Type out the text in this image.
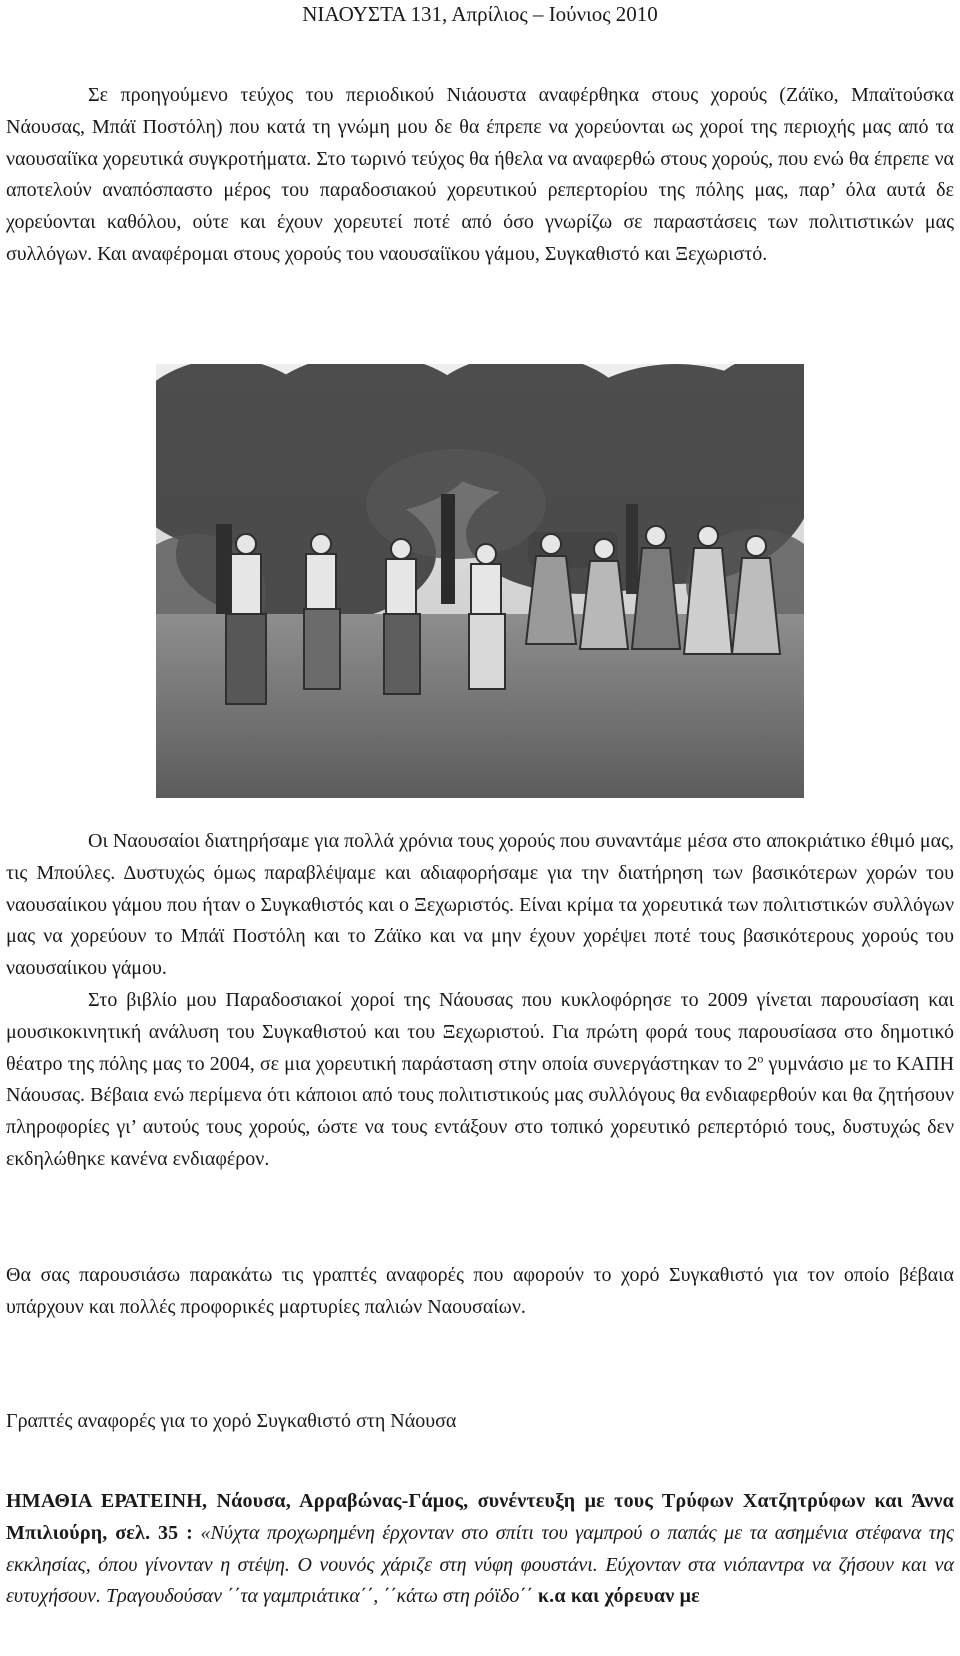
ΝΙΑΟΥΣΤΑ 131, Απρίλιος – Ιούνιος 2010

Σε προηγούμενο τεύχος του περιοδικού Νιάουστα αναφέρθηκα στους χορούς (Ζάϊκο, Μπαϊτούσκα Νάουσας, Μπάϊ Ποστόλη) που κατά τη γνώμη μου δε θα έπρεπε να χορεύονται ως χοροί της περιοχής μας από τα ναουσαίϊκα χορευτικά συγκροτήματα. Στο τωρινό τεύχος θα ήθελα να αναφερθώ στους χορούς, που ενώ θα έπρεπε να αποτελούν αναπόσπαστο μέρος του παραδοσιακού χορευτικού ρεπερτορίου της πόλης μας, παρ’ όλα αυτά δε χορεύονται καθόλου, ούτε και έχουν χορευτεί ποτέ από όσο γνωρίζω σε παραστάσεις των πολιτιστικών μας συλλόγων. Και αναφέρομαι στους χορούς του ναουσαίϊκου γάμου, Συγκαθιστό και Ξεχωριστό.

Οι Ναουσαίοι διατηρήσαμε για πολλά χρόνια τους χορούς που συναντάμε μέσα στο αποκριάτικο έθιμό μας, τις Μπούλες. Δυστυχώς όμως παραβλέψαμε και αδιαφορήσαμε για την διατήρηση των βασικότερων χορών του ναουσαίικου γάμου που ήταν ο Συγκαθιστός και ο Ξεχωριστός. Είναι κρίμα τα χορευτικά των πολιτιστικών συλλόγων μας να χορεύουν το Μπάϊ Ποστόλη και το Ζάϊκο και να μην έχουν χορέψει ποτέ τους βασικότερους χορούς του ναουσαίικου γάμου.

Στο βιβλίο μου Παραδοσιακοί χοροί της Νάουσας που κυκλοφόρησε το 2009 γίνεται παρουσίαση και μουσικοκινητική ανάλυση του Συγκαθιστού και του Ξεχωριστού. Για πρώτη φορά τους παρουσίασα στο δημοτικό θέατρο της πόλης μας το 2004, σε μια χορευτική παράσταση στην οποία συνεργάστηκαν το $2^o$ γυμνάσιο με το ΚΑΠΗ Νάουσας. Βέβαια ενώ περίμενα ότι κάποιοι από τους πολιτιστικούς μας συλλόγους θα ενδιαφερθούν και θα ζητήσουν πληροφορίες γι’ αυτούς τους χορούς, ώστε να τους εντάξουν στο τοπικό χορευτικό ρεπερτόριό τους, δυστυχώς δεν εκδηλώθηκε κανένα ενδιαφέρον.

Θα σας παρουσιάσω παρακάτω τις γραπτές αναφορές που αφορούν το χορό Συγκαθιστό για τον οποίο βέβαια υπάρχουν και πολλές προφορικές μαρτυρίες παλιών Ναουσαίων.

Γραπτές αναφορές για το χορό Συγκαθιστό στη Νάουσα

ΗΜΑΘΙΑ ΕΡΑΤΕΙΝΗ, Νάουσα, Αρραβώνας-Γάμος, συνέντευξη με τους Τρύφων Χατζητρύφων και Άννα Μπιλιούρη, σελ. 35 : «Νύχτα προχωρημένη έρχονταν στο σπίτι του γαμπρού ο παπάς με τα ασημένια στέφανα της εκκλησίας, όπου γίνονταν η στέψη. Ο νουνός χάριζε στη νύφη φουστάνι. Εύχονταν στα νιόπαντρα να ζήσουν και να ευτυχήσουν. Τραγουδούσαν ΄΄τα γαμπριάτικα΄΄, ΄΄κάτω στη ρόϊδο΄΄ κ.α και χόρευαν με
